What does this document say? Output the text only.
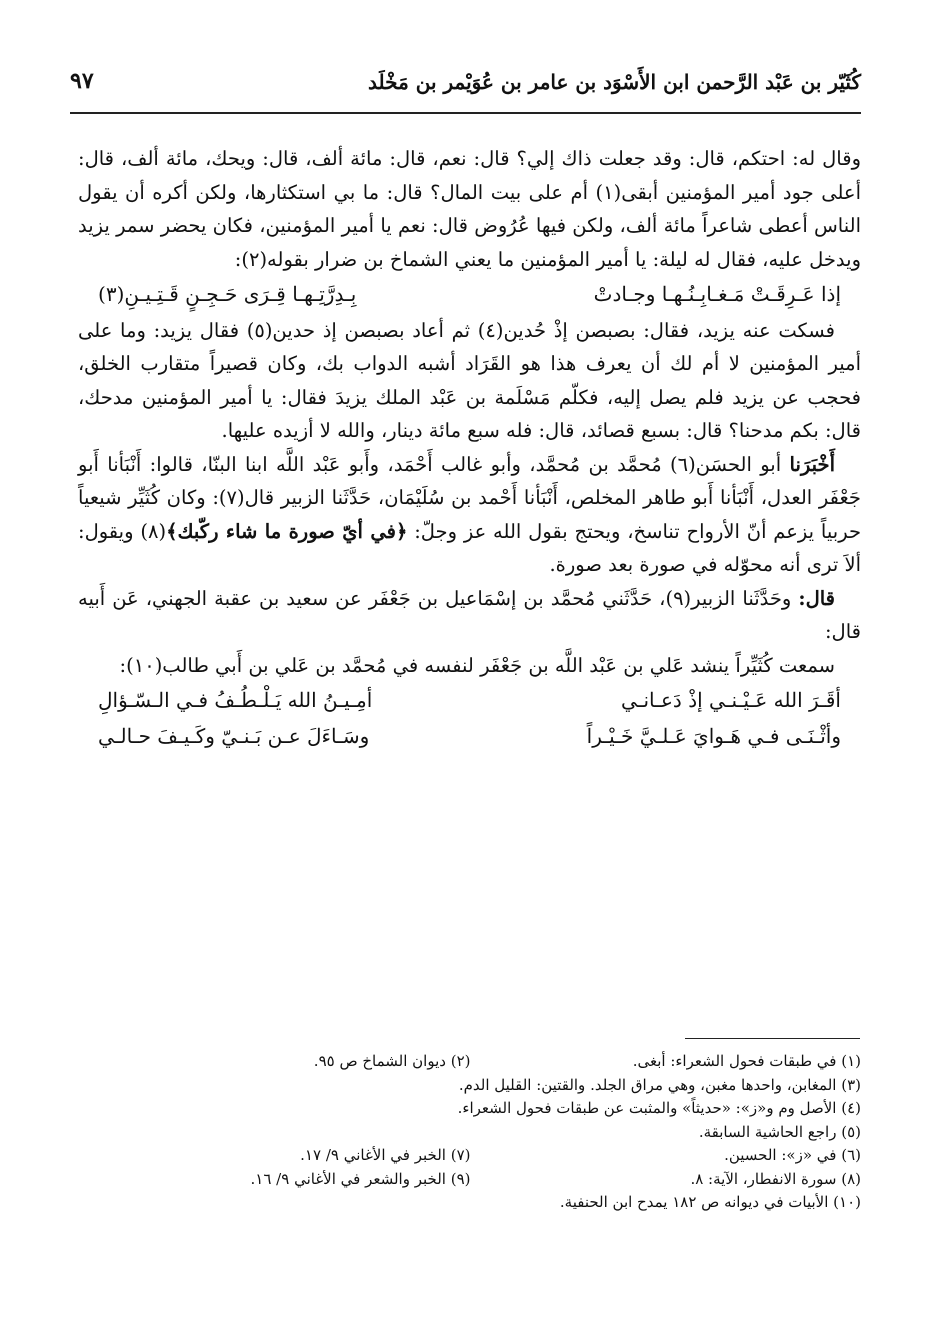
كُثَيّر بن عَبْد الرَّحمن ابن الأَسْوَد بن عامر بن عُوَيْمر بن مَخْلَد
٩٧

وقال له: احتكم، قال: وقد جعلت ذاك إلي؟ قال: نعم، قال: مائة ألف، قال: ويحك، مائة ألف، قال: أعلى جود أمير المؤمنين أبقى(١) أم على بيت المال؟ قال: ما بي استكثارها، ولكن أكره أن يقول الناس أعطى شاعراً مائة ألف، ولكن فيها عُرُوض قال: نعم يا أمير المؤمنين، فكان يحضر سمر يزيد ويدخل عليه، فقال له ليلة: يا أمير المؤمنين ما يعني الشماخ بن ضرار بقوله(٢):

إذا عَـرِقَـتْ مَـغـابِـنُـهـا وجـادتْ
بِـدِرَّتِـهـا قِـرَى حَـجِـنٍ قَـتِـيـنِ(٣)

فسكت عنه يزيد، فقال: بصبصن إذْ حُدين(٤) ثم أعاد بصبصن إذ حدين(٥) فقال يزيد: وما على أمير المؤمنين لا أم لك أن يعرف هذا هو القَرَاد أشبه الدواب بك، وكان قصيراً متقارب الخلق، فحجب عن يزيد فلم يصل إليه، فكلّم مَسْلَمة بن عَبْد الملك يزيدَ فقال: يا أمير المؤمنين مدحك، قال: بكم مدحنا؟ قال: بسبع قصائد، قال: فله سبع مائة دينار، والله لا أزيده عليها.

أَخْبَرَنا أبو الحسَن(٦) مُحمَّد بن مُحمَّد، وأبو غالب أَحْمَد، وأَبو عَبْد اللَّه ابنا البنّا، قالوا: أَنْبَأنا أَبو جَعْفَر العدل، أَنْبَأنا أَبو طاهر المخلص، أَنْبَأنا أَحْمد بن سُلَيْمَان، حَدَّثَنا الزبير قال(٧): وكان كُثَيِّر شيعياً حربياً يزعم أنّ الأرواح تناسخ، ويحتج بقول الله عز وجلّ: ﴿في أيّ صورة ما شاء ركّبك﴾(٨) ويقول: ألاَ ترى أنه محوّله في صورة بعد صورة.

قال: وحَدَّثَنا الزبير(٩)، حَدَّثَني مُحمَّد بن إسْمَاعيل بن جَعْفَر عن سعيد بن عقبة الجهني، عَن أَبيه قال:

سمعت كُثَيِّراً ينشد عَلي بن عَبْد اللَّه بن جَعْفَر لنفسه في مُحمَّد بن عَلي بن أَبي طالب(١٠):

أقَـرَ الله عَـيْـنـي إذْ دَعـانـي
أمِـيـنُ الله يَـلْـطُـفُ فـي الـسّـؤالِ
وأثْـنَـى فـي هَـوايَ عَـلـيَّ خَـيْـراً
وسَـاءَلَ عـن بَـنـيّ وكَـيـفَ حـالـي
(١) في طبقات فحول الشعراء: أبغى.
(٢) ديوان الشماخ ص ٩٥.
(٣) المغابن، واحدها مغبن، وهي مراق الجلد. والقتين: القليل الدم.
(٤) الأصل وم و«ز»: «حديثاً» والمثبت عن طبقات فحول الشعراء.
(٥) راجع الحاشية السابقة.
(٦) في «ز»: الحسين.
(٧) الخبر في الأغاني ٩/ ١٧.
(٨) سورة الانفطار، الآية: ٨.
(٩) الخبر والشعر في الأغاني ٩/ ١٦.
(١٠) الأبيات في ديوانه ص ١٨٢ يمدح ابن الحنفية.
